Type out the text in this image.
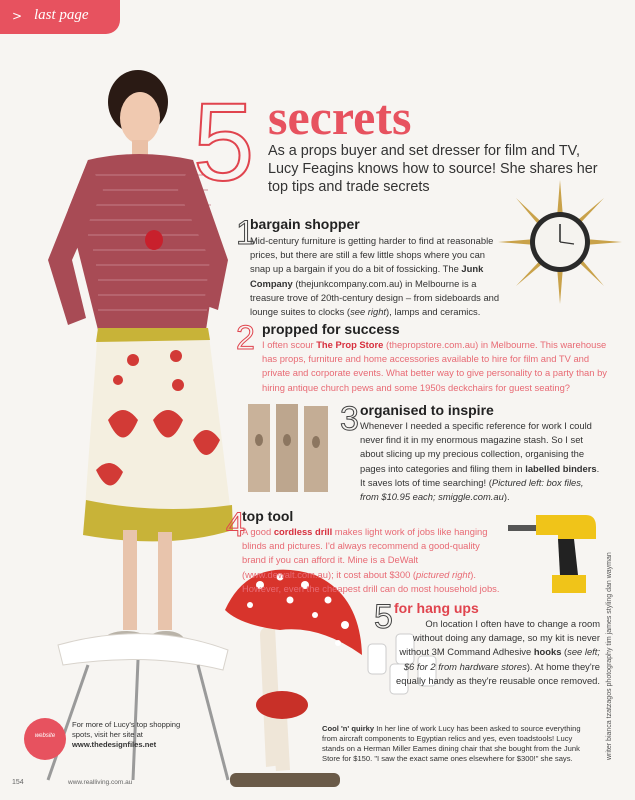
> last page
5 secrets
As a props buyer and set dresser for film and TV, Lucy Feagins knows how to source! She shares her top tips and trade secrets
1
bargain shopper
Mid-century furniture is getting harder to find at reasonable prices, but there are still a few little shops where you can snap up a bargain if you do a bit of fossicking. The Junk Company (thejunkcompany.com.au) in Melbourne is a treasure trove of 20th-century design – from sideboards and lounge suites to clocks (see right), lamps and ceramics.
2 propped for success
I often scour The Prop Store (thepropstore.com.au) in Melbourne. This warehouse has props, furniture and home accessories available to hire for film and TV and private and corporate events. What better way to give personality to a party than by hiring antique church pews and some 1950s deckchairs for guest seating?
3 organised to inspire
Whenever I needed a specific reference for work I could never find it in my enormous magazine stash. So I set about slicing up my precious collection, organising the pages into categories and filing them in labelled binders. It saves lots of time searching! (Pictured left: box files, from $10.95 each; smiggle.com.au).
4
top tool
A good cordless drill makes light work of jobs like hanging blinds and pictures. I'd always recommend a good-quality brand if you can afford it. Mine is a DeWalt (www.dewalt.com.au); it cost about $300 (pictured right). However, even the cheapest drill can do most household jobs.
5 for hang ups
On location I often have to change a room without doing any damage, so my kit is never without 3M Command Adhesive hooks (see left; $6 for 2 from hardware stores). At home they're equally handy as they're reusable once removed.
Cool 'n' quirky In her line of work Lucy has been asked to source everything from aircraft components to Egyptian relics and yes, even toadstools! Lucy stands on a Herman Miller Eames dining chair that she bought from the Junk Store for $150. "I saw the exact same ones elsewhere for $300!" she says.
website
For more of Lucy's top shopping spots, visit her site at www.thedesignfiles.net	writer bianca tzatzagos photography tim james styling dan wayman
154	www.realliving.com.au
